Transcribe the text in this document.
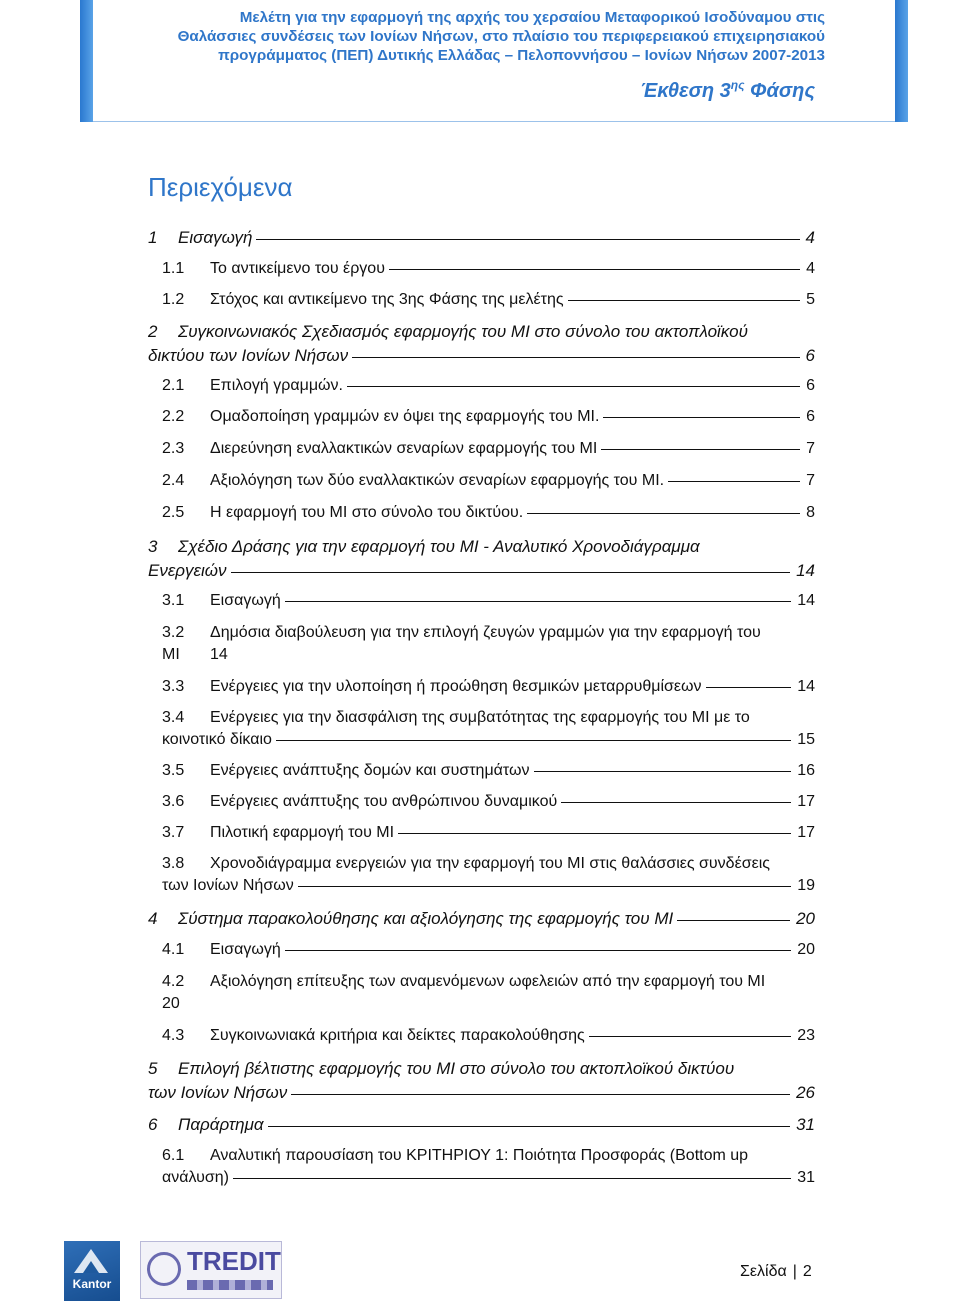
Μελέτη για την εφαρμογή της αρχής του χερσαίου Μεταφορικού Ισοδύναμου στις
Θαλάσσιες συνδέσεις των Ιονίων Νήσων, στο πλαίσιο του περιφερειακού επιχειρησιακού
προγράμματος (ΠΕΠ) Δυτικής Ελλάδας – Πελοποννήσου – Ιονίων Νήσων 2007-2013
Έκθεση $3^{\eta\varsigma}$ Φάσης
Περιεχόμενα
1	Εισαγωγή	4
1.1	Το αντικείμενο του έργου	4
1.2	Στόχος και αντικείμενο της 3ης Φάσης της μελέτης	5
2	Συγκοινωνιακός Σχεδιασμός εφαρμογής του ΜΙ στο σύνολο του ακτοπλοϊκού
δικτύου των Ιονίων Νήσων	6
2.1	Επιλογή γραμμών.	6
2.2	Ομαδοποίηση γραμμών εν όψει της εφαρμογής του ΜΙ.	6
2.3	Διερεύνηση εναλλακτικών σεναρίων εφαρμογής του ΜΙ	7
2.4	Αξιολόγηση των δύο εναλλακτικών σεναρίων εφαρμογής του ΜΙ.	7
2.5	Η εφαρμογή του ΜΙ στο σύνολο του δικτύου.	8
3	Σχέδιο Δράσης για την εφαρμογή του ΜΙ - Αναλυτικό Χρονοδιάγραμμα
Ενεργειών	14
3.1	Εισαγωγή	14
3.2	Δημόσια διαβούλευση για την επιλογή ζευγών γραμμών για την εφαρμογή του
ΜΙ	14
3.3	Ενέργειες για την υλοποίηση ή προώθηση θεσμικών μεταρρυθμίσεων	14
3.4	Ενέργειες για την διασφάλιση της συμβατότητας της εφαρμογής του ΜΙ με το
κοινοτικό δίκαιο	15
3.5	Ενέργειες ανάπτυξης δομών και συστημάτων	16
3.6	Ενέργειες ανάπτυξης του ανθρώπινου δυναμικού	17
3.7	Πιλοτική εφαρμογή του ΜΙ	17
3.8	Χρονοδιάγραμμα ενεργειών για την εφαρμογή του ΜΙ στις θαλάσσιες συνδέσεις
των Ιονίων Νήσων	19
4	Σύστημα παρακολούθησης και αξιολόγησης της εφαρμογής του ΜΙ	20
4.1	Εισαγωγή	20
4.2	Αξιολόγηση επίτευξης των αναμενόμενων ωφελειών από την εφαρμογή του ΜΙ
20
4.3	Συγκοινωνιακά κριτήρια και δείκτες παρακολούθησης	23
5	Επιλογή βέλτιστης εφαρμογής του ΜΙ στο σύνολο του ακτοπλοϊκού δικτύου
των Ιονίων Νήσων	26
6	Παράρτημα	31
6.1	Αναλυτική παρουσίαση του ΚΡΙΤΗΡΙΟΥ 1: Ποιότητα Προσφοράς (Bottom up
ανάλυση)	31
Kantor
TREDIT	Σελίδα | 2
